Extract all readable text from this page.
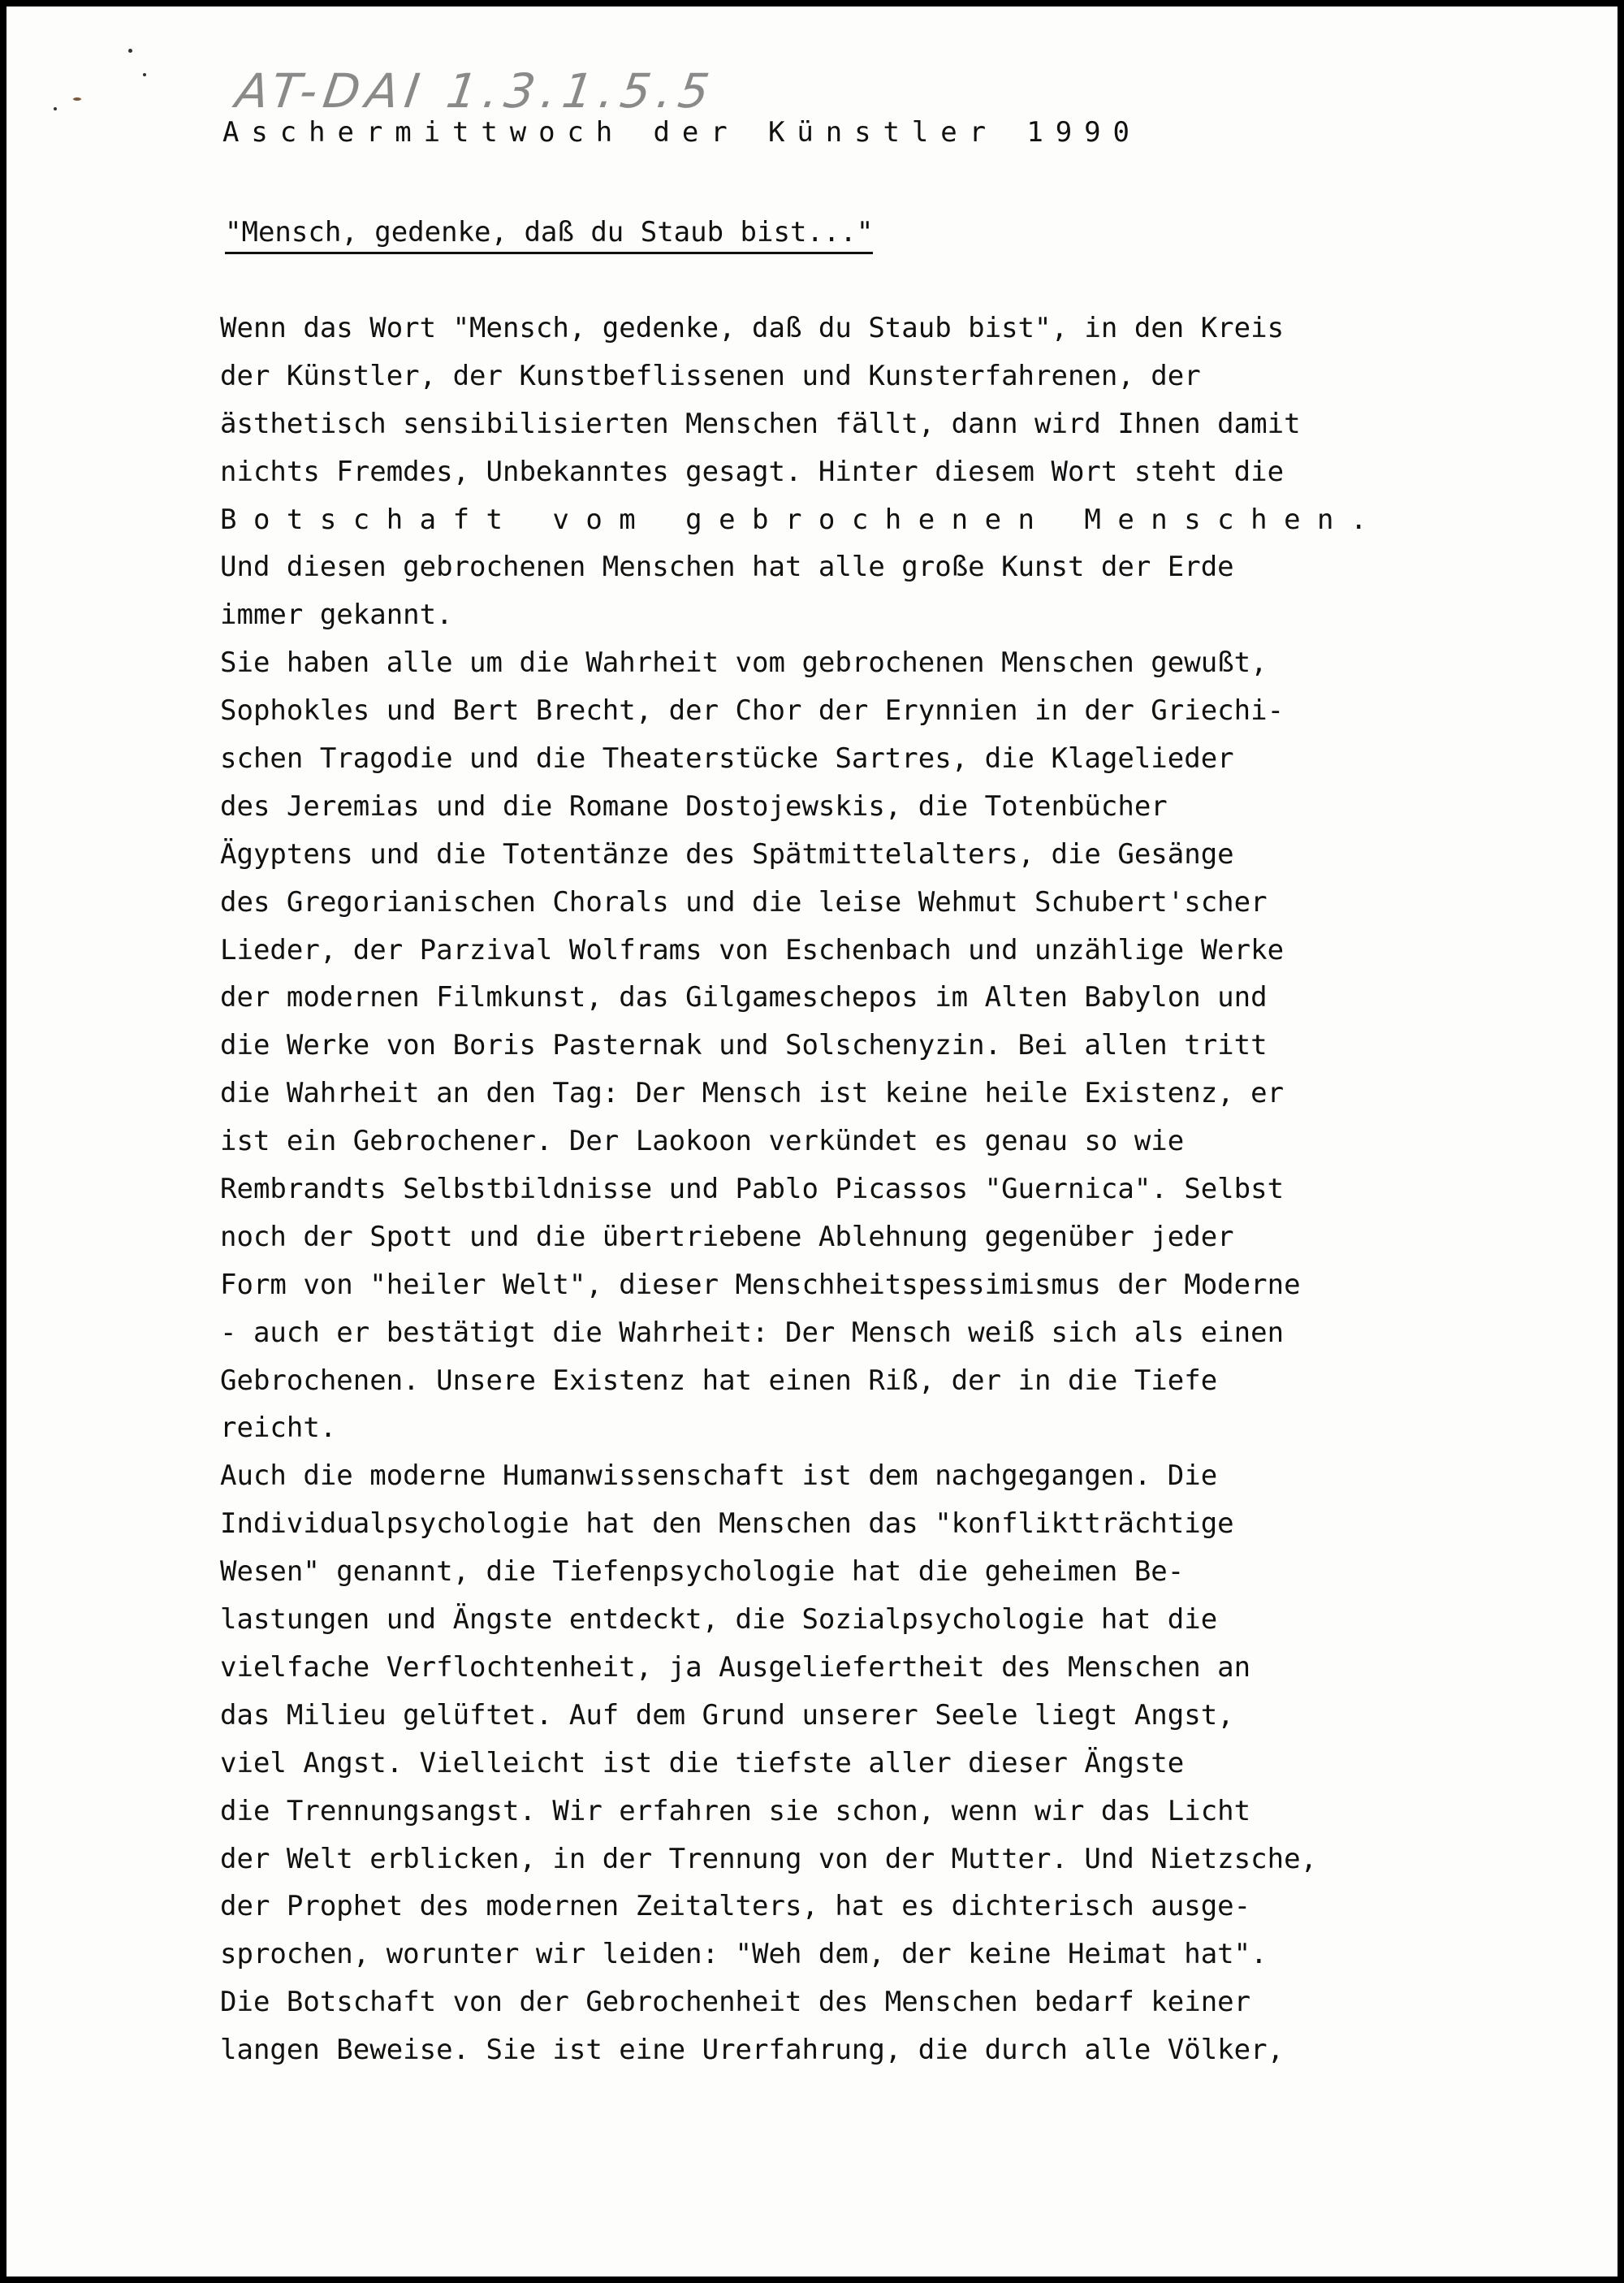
AT-DAI 1.3.1.5.5
Aschermittwoch der Künstler 1990
"Mensch, gedenke, daß du Staub bist..."
Wenn das Wort "Mensch, gedenke, daß du Staub bist", in den Kreis
der Künstler, der Kunstbeflissenen und Kunsterfahrenen, der
ästhetisch sensibilisierten Menschen fällt, dann wird Ihnen damit
nichts Fremdes, Unbekanntes gesagt. Hinter diesem Wort steht die
B o t s c h a f t   v o m   g e b r o c h e n e n   M e n s c h e n .
Und diesen gebrochenen Menschen hat alle große Kunst der Erde
immer gekannt.
Sie haben alle um die Wahrheit vom gebrochenen Menschen gewußt,
Sophokles und Bert Brecht, der Chor der Erynnien in der Griechi-
schen Tragodie und die Theaterstücke Sartres, die Klagelieder
des Jeremias und die Romane Dostojewskis, die Totenbücher
Ägyptens und die Totentänze des Spätmittelalters, die Gesänge
des Gregorianischen Chorals und die leise Wehmut Schubert'scher
Lieder, der Parzival Wolframs von Eschenbach und unzählige Werke
der modernen Filmkunst, das Gilgameschepos im Alten Babylon und
die Werke von Boris Pasternak und Solschenyzin. Bei allen tritt
die Wahrheit an den Tag: Der Mensch ist keine heile Existenz, er
ist ein Gebrochener. Der Laokoon verkündet es genau so wie
Rembrandts Selbstbildnisse und Pablo Picassos "Guernica". Selbst
noch der Spott und die übertriebene Ablehnung gegenüber jeder
Form von "heiler Welt", dieser Menschheitspessimismus der Moderne
- auch er bestätigt die Wahrheit: Der Mensch weiß sich als einen
Gebrochenen. Unsere Existenz hat einen Riß, der in die Tiefe
reicht.
Auch die moderne Humanwissenschaft ist dem nachgegangen. Die
Individualpsychologie hat den Menschen das "konfliktträchtige
Wesen" genannt, die Tiefenpsychologie hat die geheimen Be-
lastungen und Ängste entdeckt, die Sozialpsychologie hat die
vielfache Verflochtenheit, ja Ausgeliefertheit des Menschen an
das Milieu gelüftet. Auf dem Grund unserer Seele liegt Angst,
viel Angst. Vielleicht ist die tiefste aller dieser Ängste
die Trennungsangst. Wir erfahren sie schon, wenn wir das Licht
der Welt erblicken, in der Trennung von der Mutter. Und Nietzsche,
der Prophet des modernen Zeitalters, hat es dichterisch ausge-
sprochen, worunter wir leiden: "Weh dem, der keine Heimat hat".
Die Botschaft von der Gebrochenheit des Menschen bedarf keiner
langen Beweise. Sie ist eine Urerfahrung, die durch alle Völker,
